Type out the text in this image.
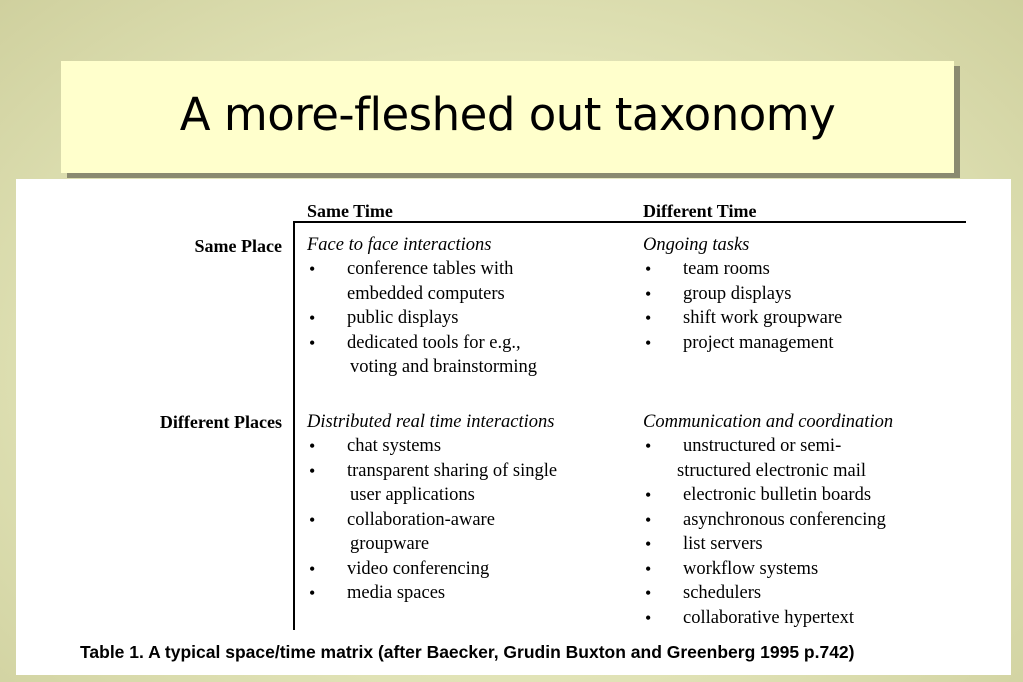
A more-fleshed out taxonomy
Same Time	Different Time
Same Place
Different Places
Face to face interactions
• conference tables with
embedded computers
• public displays
• dedicated tools for e.g.,
voting and brainstorming
Ongoing tasks
• team rooms
• group displays
• shift work groupware
• project management
Distributed real time interactions
• chat systems
• transparent sharing of single
user applications
• collaboration-aware
groupware
• video conferencing
• media spaces
Communication and coordination
• unstructured or semi-
structured electronic mail
• electronic bulletin boards
• asynchronous conferencing
• list servers
• workflow systems
• schedulers
• collaborative hypertext
Table 1. A typical space/time matrix (after Baecker, Grudin Buxton and Greenberg 1995 p.742)
